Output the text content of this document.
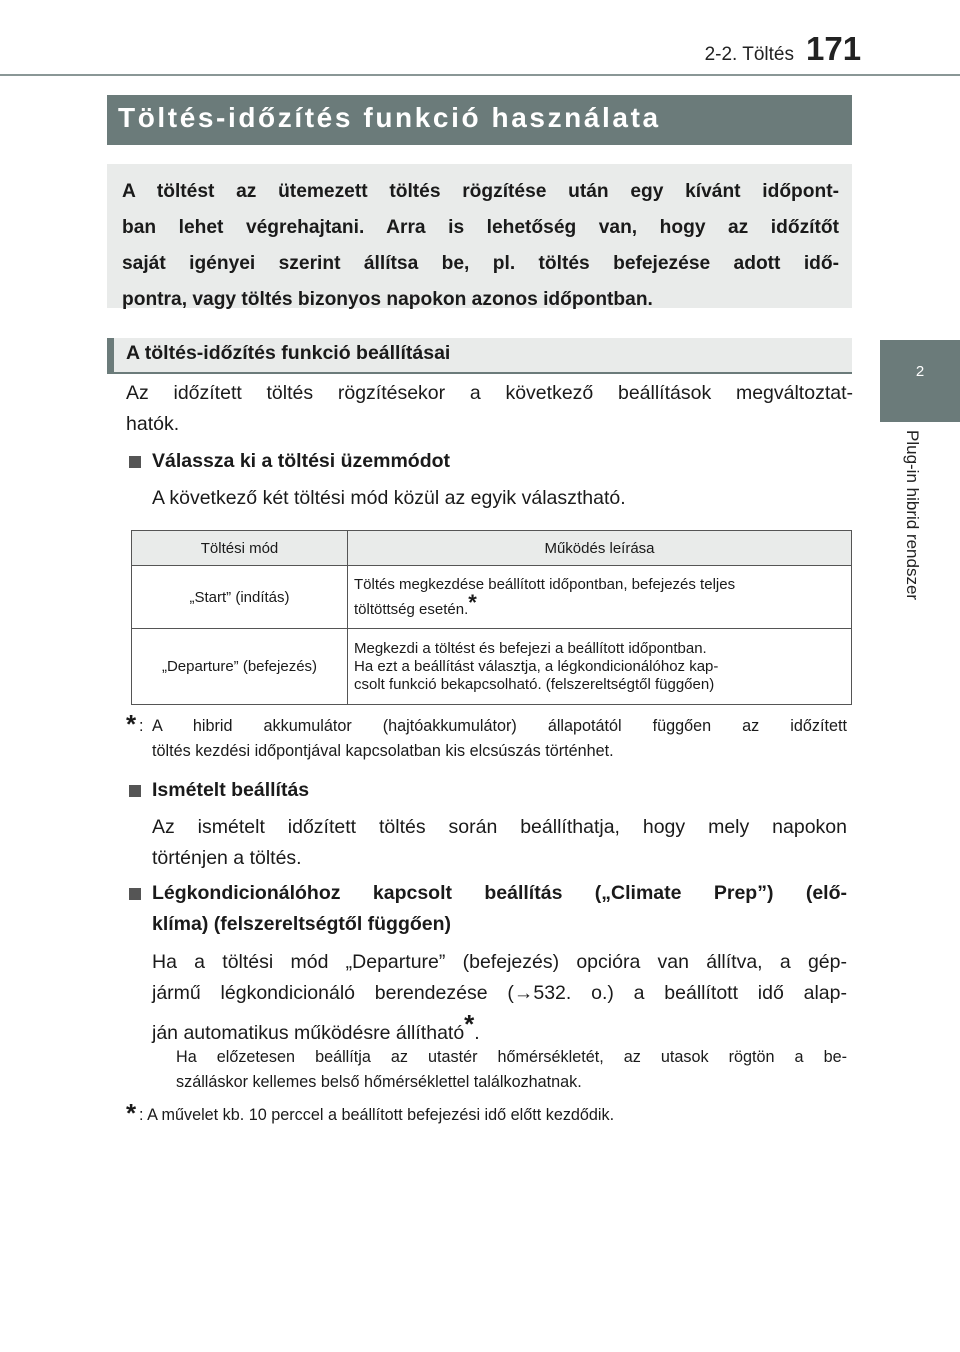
2-2. Töltés 171
2
Plug-in hibrid rendszer
Töltés-időzítés funkció használata
A töltést az ütemezett töltés rögzítése után egy kívánt időpont-
ban lehet végrehajtani. Arra is lehetőség van, hogy az időzítőt
saját igényei szerint állítsa be, pl. töltés befejezése adott idő-
pontra, vagy töltés bizonyos napokon azonos időpontban.
A töltés-időzítés funkció beállításai
Az időzített töltés rögzítésekor a következő beállítások megváltoztat-
hatók.
Válassza ki a töltési üzemmódot
A következő két töltési mód közül az egyik választható.
Töltési mód	Működés leírása
„Start” (indítás)	Töltés megkezdése beállított időpontban, befejezés teljes
töltöttség esetén.*

„Departure” (befejezés)	Megkezdi a töltést és befejezi a beállított időpontban.
Ha ezt a beállítást választja, a légkondicionálóhoz kap-
csolt funkció bekapcsolható. (felszereltségtől függően)
* : A hibrid akkumulátor (hajtóakkumulátor) állapotától függően az időzített
töltés kezdési időpontjával kapcsolatban kis elcsúszás történhet.
Ismételt beállítás
Az ismételt időzített töltés során beállíthatja, hogy mely napokon
történjen a töltés.
Légkondicionálóhoz kapcsolt beállítás („Climate Prep”) (elő-
klíma) (felszereltségtől függően)
Ha a töltési mód „Departure” (befejezés) opcióra van állítva, a gép-
jármű légkondicionáló berendezése (→532. o.) a beállított idő alap-
ján automatikus működésre állítható*.
Ha előzetesen beállítja az utastér hőmérsékletét, az utasok rögtön a be-
szálláskor kellemes belső hőmérséklettel találkozhatnak.
* : A művelet kb. 10 perccel a beállított befejezési idő előtt kezdődik.
